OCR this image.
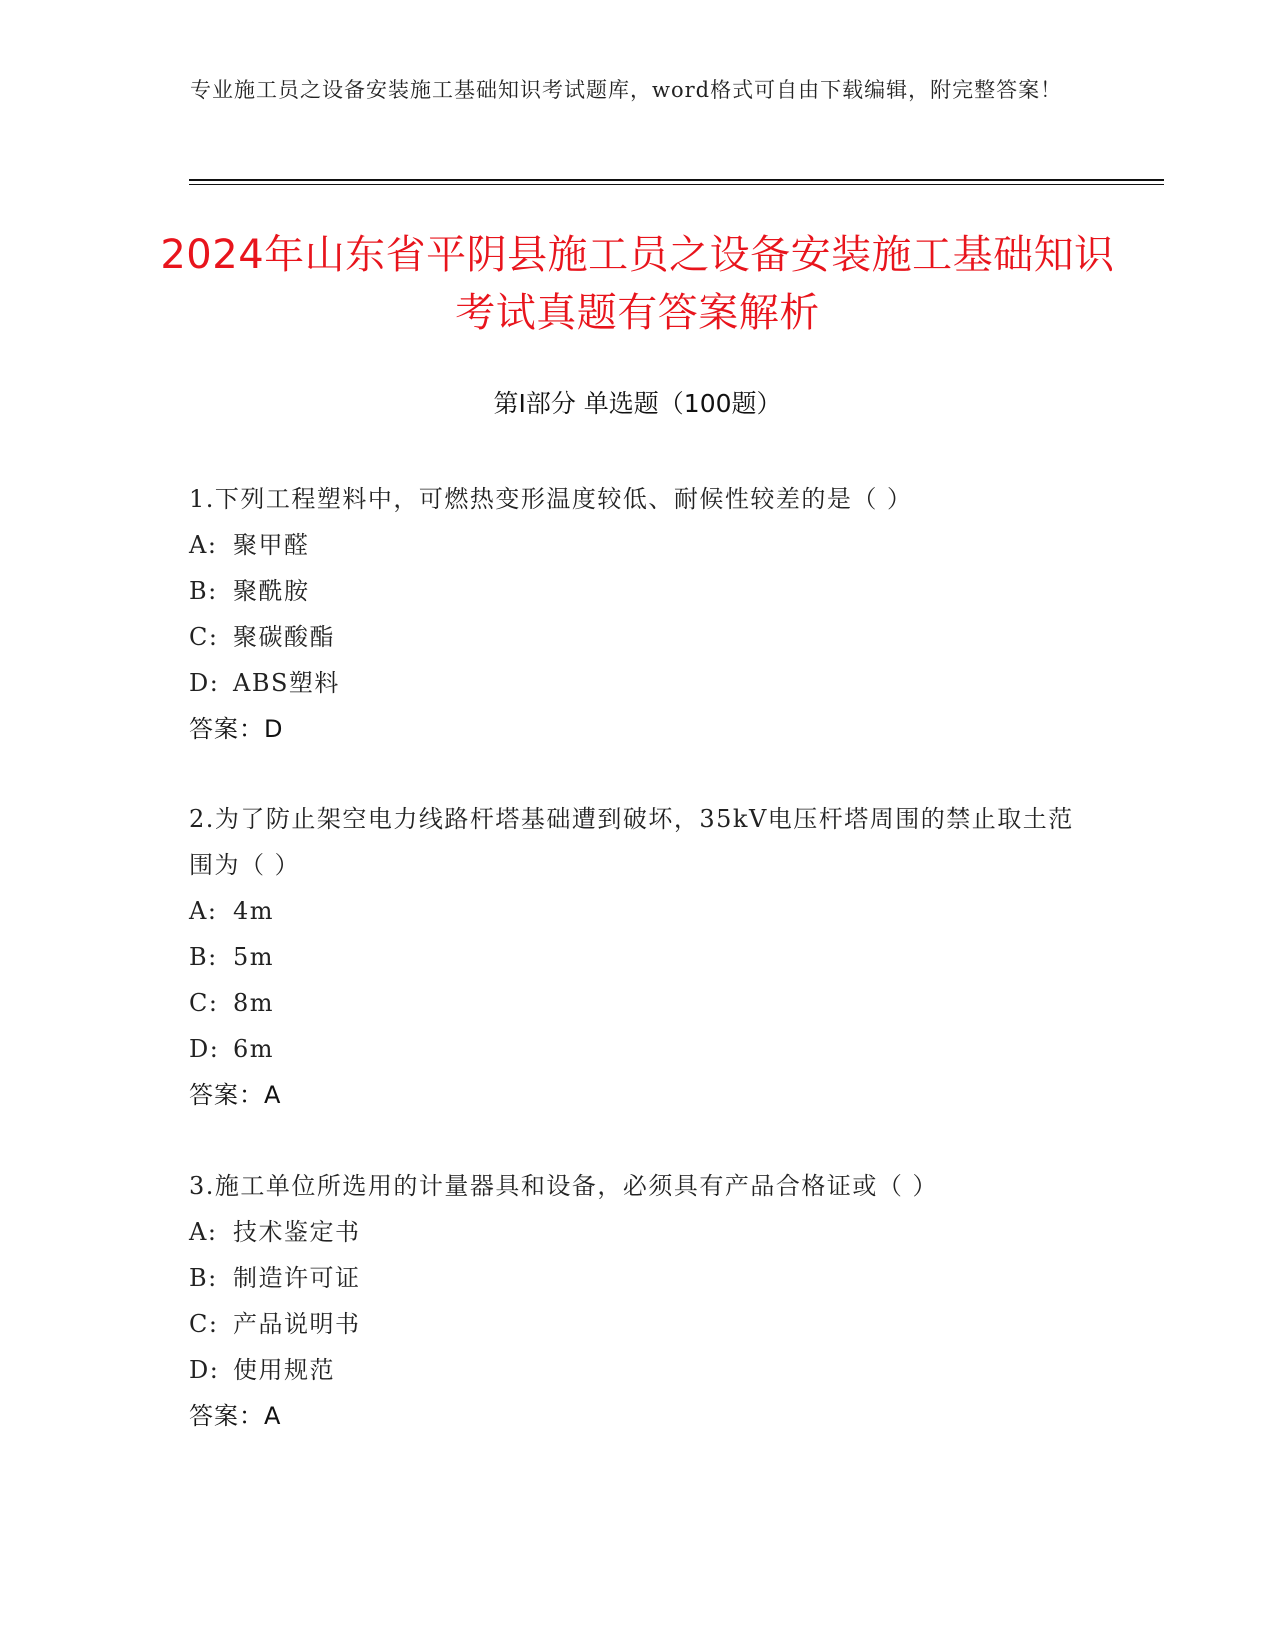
专业施工员之设备安装施工基础知识考试题库，word格式可自由下载编辑，附完整答案！
2024年山东省平阴县施工员之设备安装施工基础知识考试真题有答案解析
第I部分 单选题（100题）
1.下列工程塑料中，可燃热变形温度较低、耐候性较差的是（ ）
A: 聚甲醛
B: 聚酰胺
C: 聚碳酸酯
D: ABS塑料
答案：D
2.为了防止架空电力线路杆塔基础遭到破坏，35kV电压杆塔周围的禁止取土范围为（ ）
A: 4m
B: 5m
C: 8m
D: 6m
答案：A
3.施工单位所选用的计量器具和设备，必须具有产品合格证或（ ）
A: 技术鉴定书
B: 制造许可证
C: 产品说明书
D: 使用规范
答案：A
